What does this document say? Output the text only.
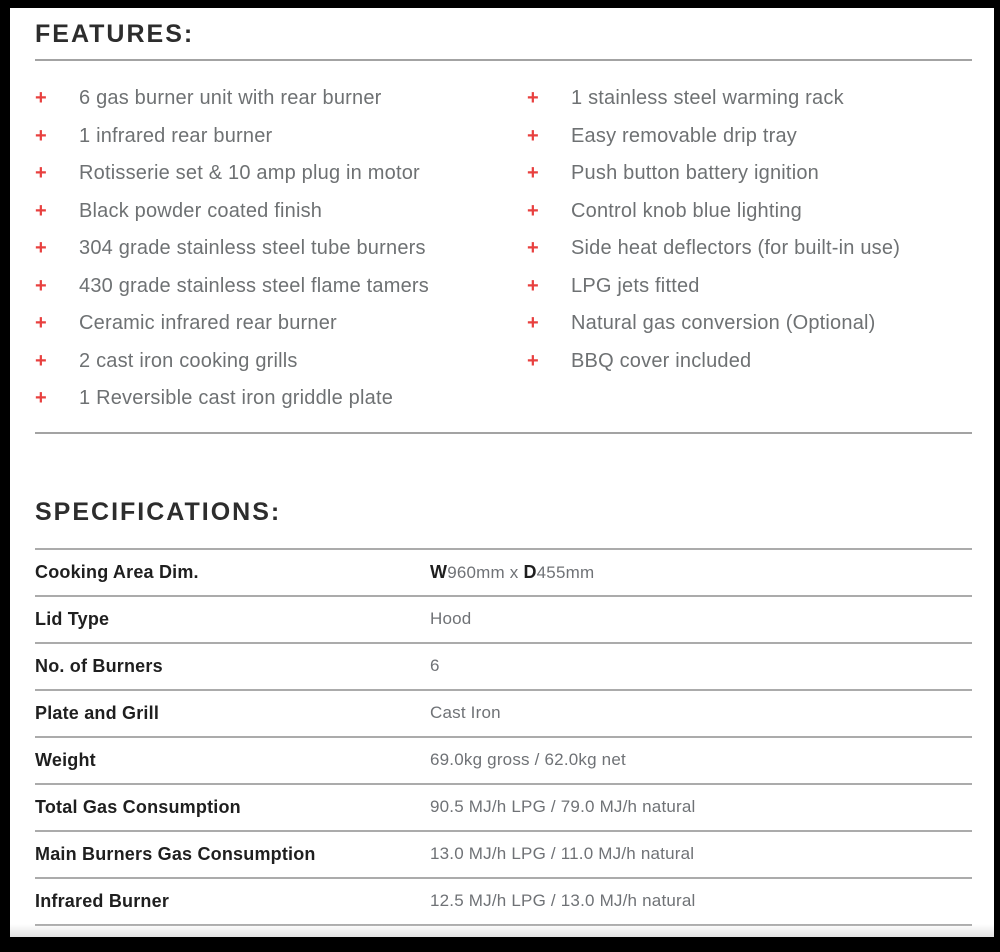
FEATURES:
+	6 gas burner unit with rear burner
+	1 infrared rear burner
+	Rotisserie set & 10 amp plug in motor
+	Black powder coated finish
+	304 grade stainless steel tube burners
+	430 grade stainless steel flame tamers
+	Ceramic infrared rear burner
+	2 cast iron cooking grills
+	1 Reversible cast iron griddle plate
+	1 stainless steel warming rack
+	Easy removable drip tray
+	Push button battery ignition
+	Control knob blue lighting
+	Side heat deflectors (for built-in use)
+	LPG jets fitted
+	Natural gas conversion (Optional)
+	BBQ cover included
SPECIFICATIONS:
Cooking Area Dim.	W960mm x D455mm
Lid Type	Hood
No. of Burners	6
Plate and Grill	Cast Iron
Weight	69.0kg gross / 62.0kg net
Total Gas Consumption	90.5 MJ/h LPG / 79.0 MJ/h natural
Main Burners Gas Consumption	13.0 MJ/h LPG / 11.0 MJ/h natural
Infrared Burner	12.5 MJ/h LPG / 13.0 MJ/h natural
